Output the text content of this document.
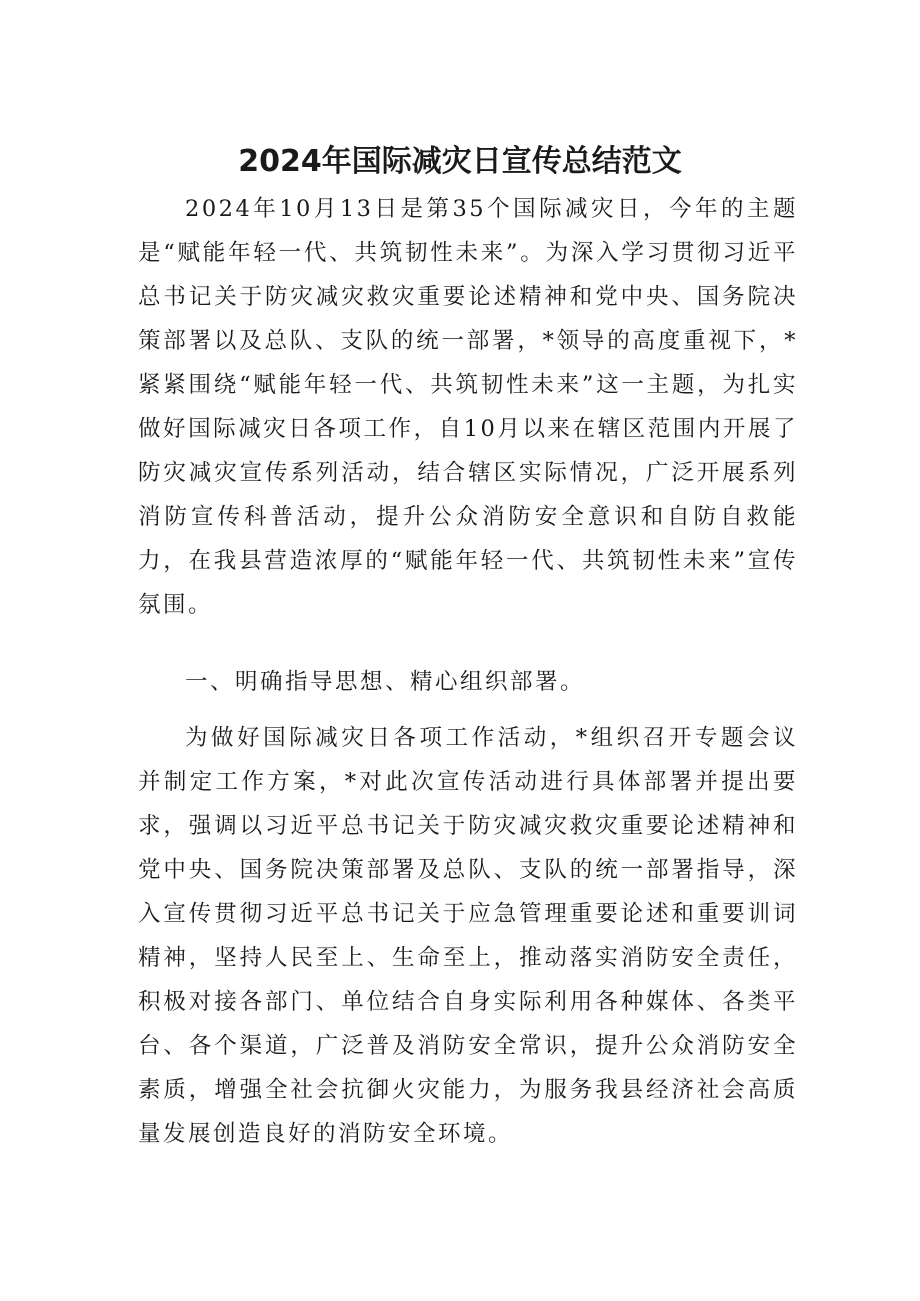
2024年国际减灾日宣传总结范文

2024年10月13日是第35个国际减灾日，今年的主题是“赋能年轻一代、共筑韧性未来”。为深入学习贯彻习近平总书记关于防灾减灾救灾重要论述精神和党中央、国务院决策部署以及总队、支队的统一部署，*领导的高度重视下，*紧紧围绕“赋能年轻一代、共筑韧性未来”这一主题，为扎实做好国际减灾日各项工作，自10月以来在辖区范围内开展了防灾减灾宣传系列活动，结合辖区实际情况，广泛开展系列消防宣传科普活动，提升公众消防安全意识和自防自救能力，在我县营造浓厚的“赋能年轻一代、共筑韧性未来”宣传氛围。

一、明确指导思想、精心组织部署。

为做好国际减灾日各项工作活动，*组织召开专题会议并制定工作方案，*对此次宣传活动进行具体部署并提出要求，强调以习近平总书记关于防灾减灾救灾重要论述精神和党中央、国务院决策部署及总队、支队的统一部署指导，深入宣传贯彻习近平总书记关于应急管理重要论述和重要训词精神，坚持人民至上、生命至上，推动落实消防安全责任，积极对接各部门、单位结合自身实际利用各种媒体、各类平台、各个渠道，广泛普及消防安全常识，提升公众消防安全素质，增强全社会抗御火灾能力，为服务我县经济社会高质量发展创造良好的消防安全环境。
